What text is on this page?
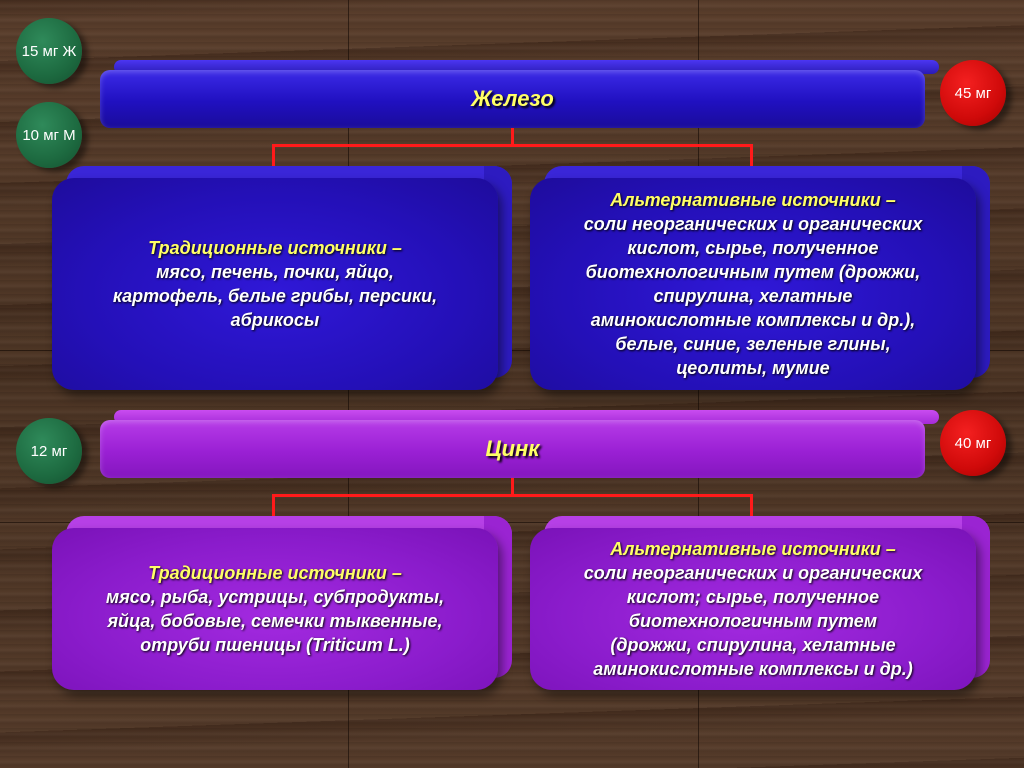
Железо
15 мг Ж
10 мг М
45 мг
Традиционные источники –
мясо, печень, почки, яйцо,
картофель, белые грибы, персики,
абрикосы
Альтернативные источники –
соли неорганических и органических
кислот, сырье, полученное
биотехнологичным путем (дрожжи,
спирулина, хелатные
аминокислотные комплексы и др.),
белые, синие, зеленые глины,
цеолиты, мумие
Цинк
12 мг	40 мг
Традиционные источники –
мясо, рыба, устрицы, субпродукты,
яйца, бобовые, семечки тыквенные,
отруби пшеницы (Triticum L.)
Альтернативные источники –
соли неорганических и органических
кислот; сырье, полученное
биотехнологичным путем
(дрожжи, спирулина, хелатные
аминокислотные комплексы и др.)
